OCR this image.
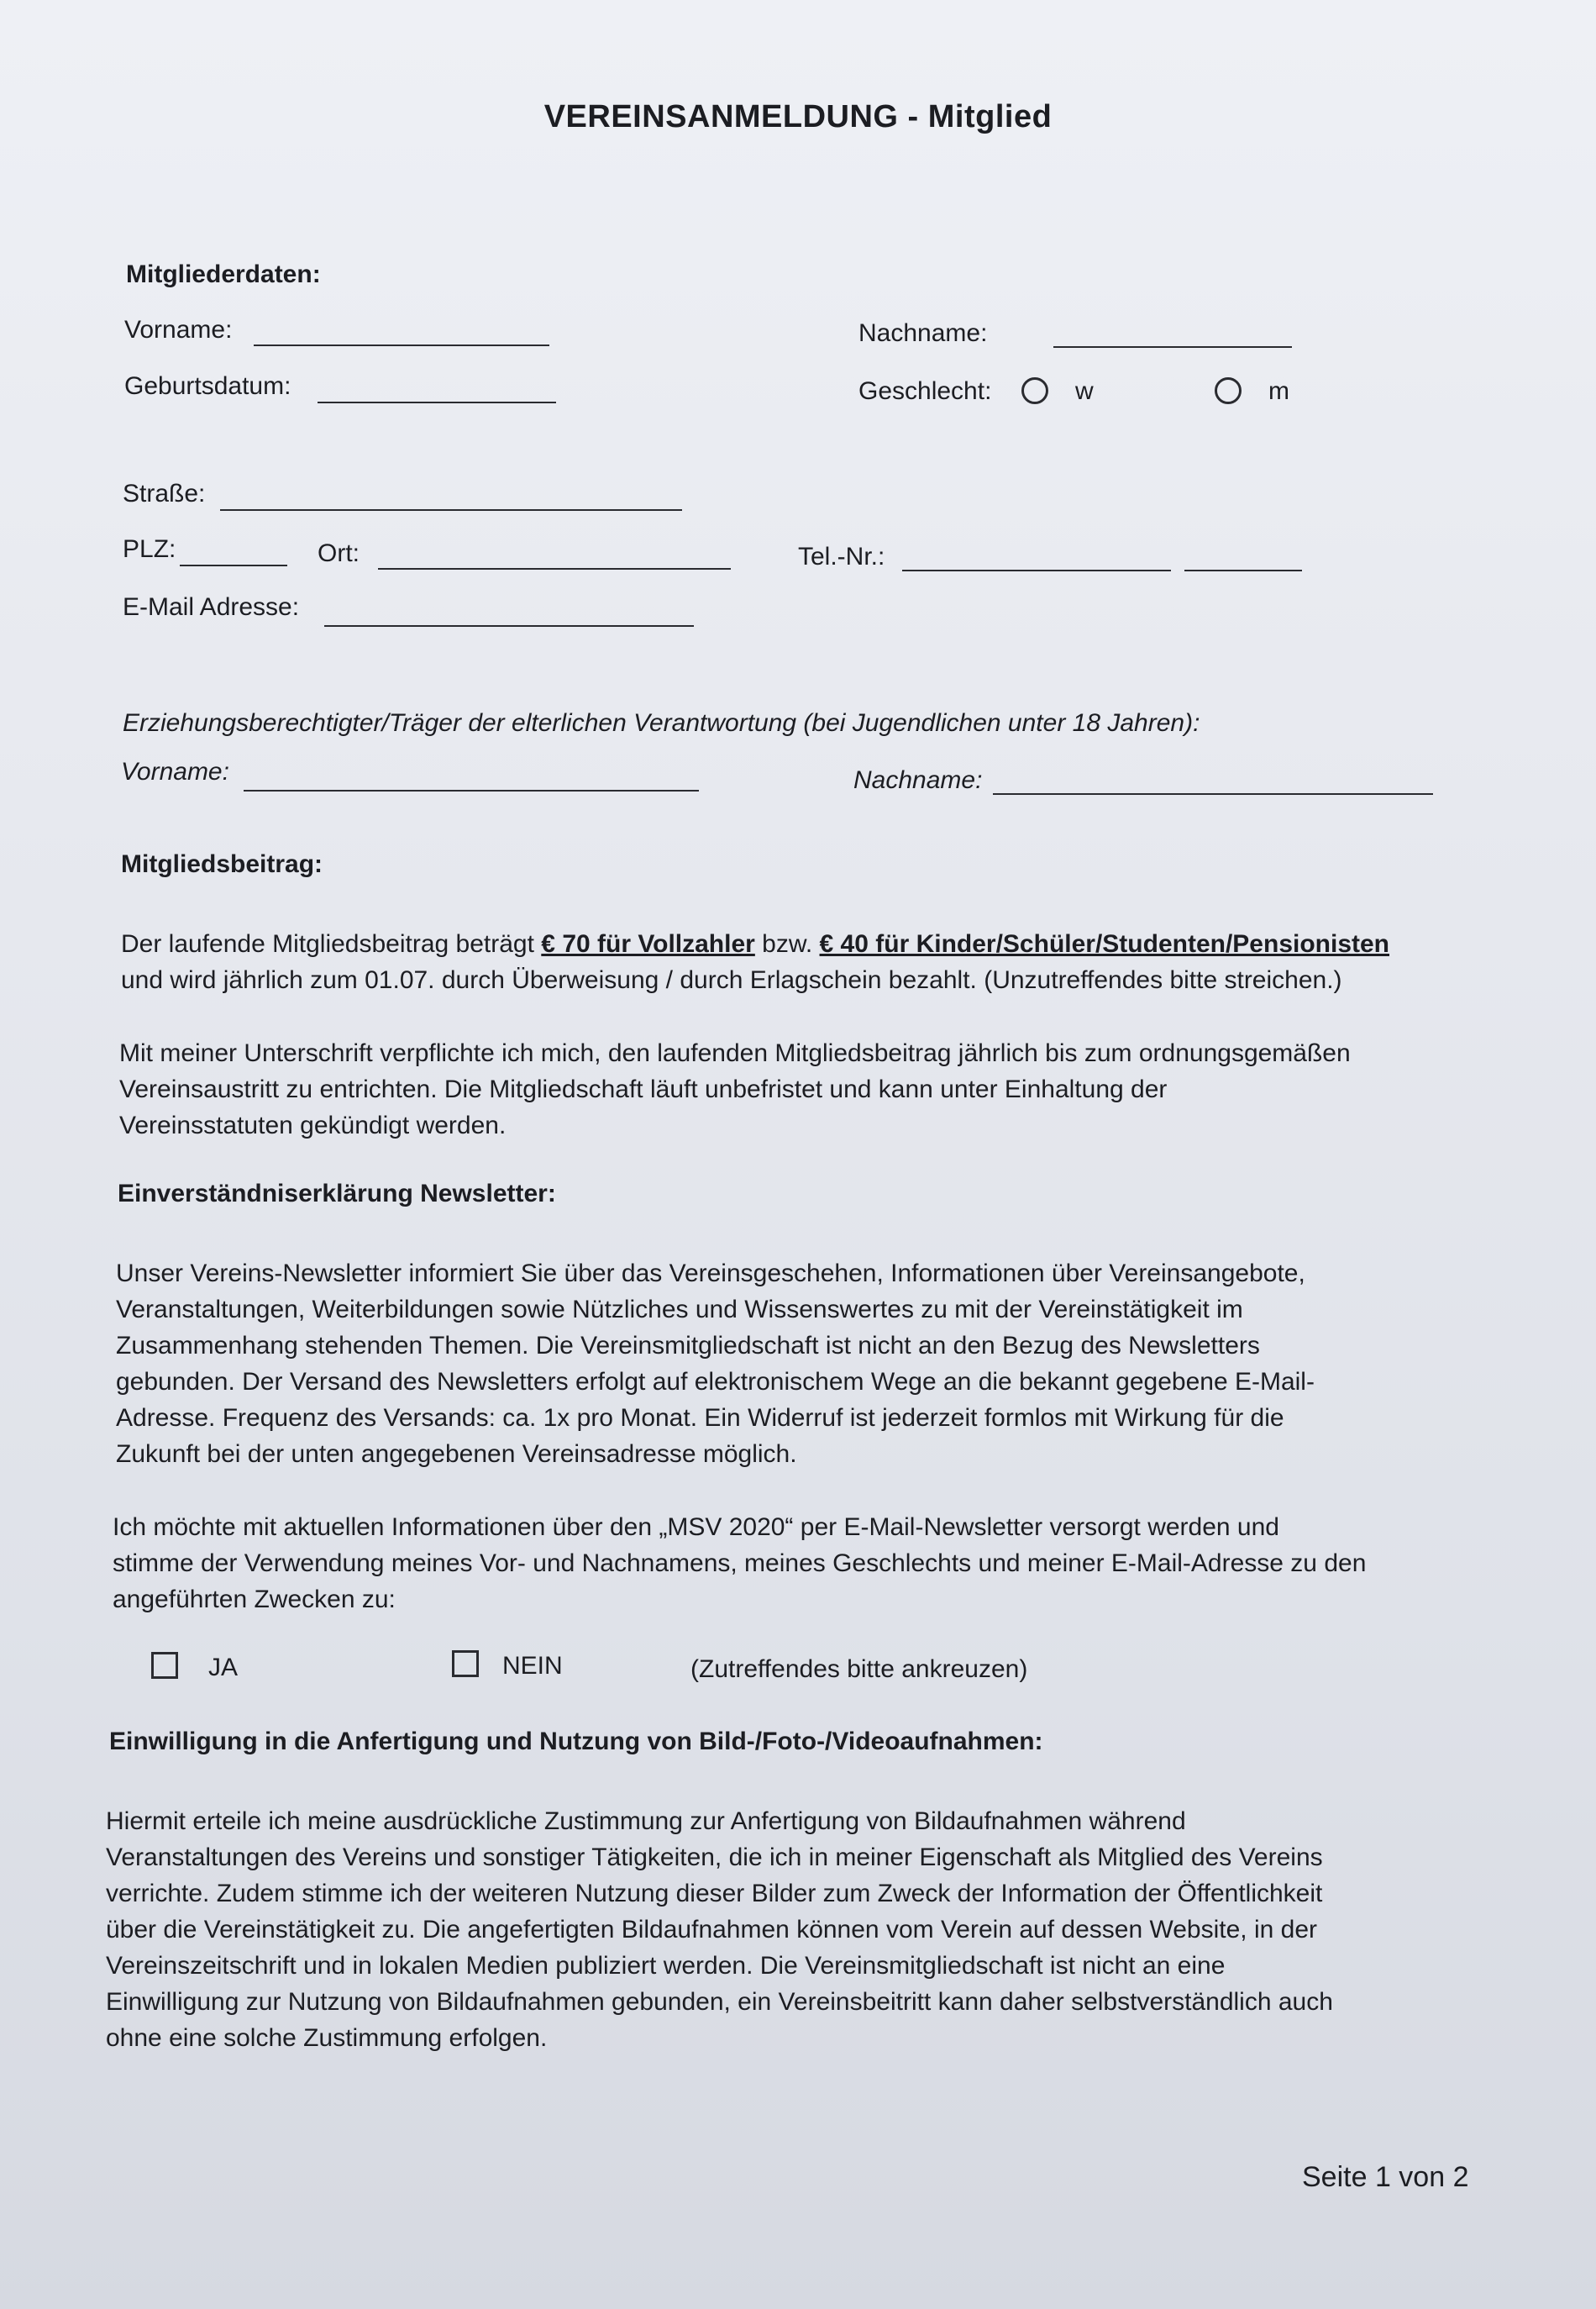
VEREINSANMELDUNG - Mitglied
Mitgliederdaten:
Vorname:	Nachname:
Geburtsdatum:	Geschlecht:	w	m
Straße:
PLZ:	Ort:	Tel.-Nr.:
E-Mail Adresse:
Erziehungsberechtigter/Träger der elterlichen Verantwortung (bei Jugendlichen unter 18 Jahren):
Vorname:	Nachname:
Mitgliedsbeitrag:
Der laufende Mitgliedsbeitrag beträgt € 70 für Vollzahler bzw. € 40 für Kinder/Schüler/Studenten/Pensionisten
und wird jährlich zum 01.07. durch Überweisung / durch Erlagschein bezahlt. (Unzutreffendes bitte streichen.)
Mit meiner Unterschrift verpflichte ich mich, den laufenden Mitgliedsbeitrag jährlich bis zum ordnungsgemäßen
Vereinsaustritt zu entrichten. Die Mitgliedschaft läuft unbefristet und kann unter Einhaltung der
Vereinsstatuten gekündigt werden.
Einverständniserklärung Newsletter:
Unser Vereins-Newsletter informiert Sie über das Vereinsgeschehen, Informationen über Vereinsangebote,
Veranstaltungen, Weiterbildungen sowie Nützliches und Wissenswertes zu mit der Vereinstätigkeit im
Zusammenhang stehenden Themen. Die Vereinsmitgliedschaft ist nicht an den Bezug des Newsletters
gebunden. Der Versand des Newsletters erfolgt auf elektronischem Wege an die bekannt gegebene E-Mail-
Adresse. Frequenz des Versands: ca. 1x pro Monat. Ein Widerruf ist jederzeit formlos mit Wirkung für die
Zukunft bei der unten angegebenen Vereinsadresse möglich.
Ich möchte mit aktuellen Informationen über den „MSV 2020“ per E-Mail-Newsletter versorgt werden und
stimme der Verwendung meines Vor- und Nachnamens, meines Geschlechts und meiner E-Mail-Adresse zu den
angeführten Zwecken zu:
JA	NEIN	(Zutreffendes bitte ankreuzen)
Einwilligung in die Anfertigung und Nutzung von Bild-/Foto-/Videoaufnahmen:
Hiermit erteile ich meine ausdrückliche Zustimmung zur Anfertigung von Bildaufnahmen während
Veranstaltungen des Vereins und sonstiger Tätigkeiten, die ich in meiner Eigenschaft als Mitglied des Vereins
verrichte. Zudem stimme ich der weiteren Nutzung dieser Bilder zum Zweck der Information der Öffentlichkeit
über die Vereinstätigkeit zu. Die angefertigten Bildaufnahmen können vom Verein auf dessen Website, in der
Vereinszeitschrift und in lokalen Medien publiziert werden. Die Vereinsmitgliedschaft ist nicht an eine
Einwilligung zur Nutzung von Bildaufnahmen gebunden, ein Vereinsbeitritt kann daher selbstverständlich auch
ohne eine solche Zustimmung erfolgen.
Seite 1 von 2
